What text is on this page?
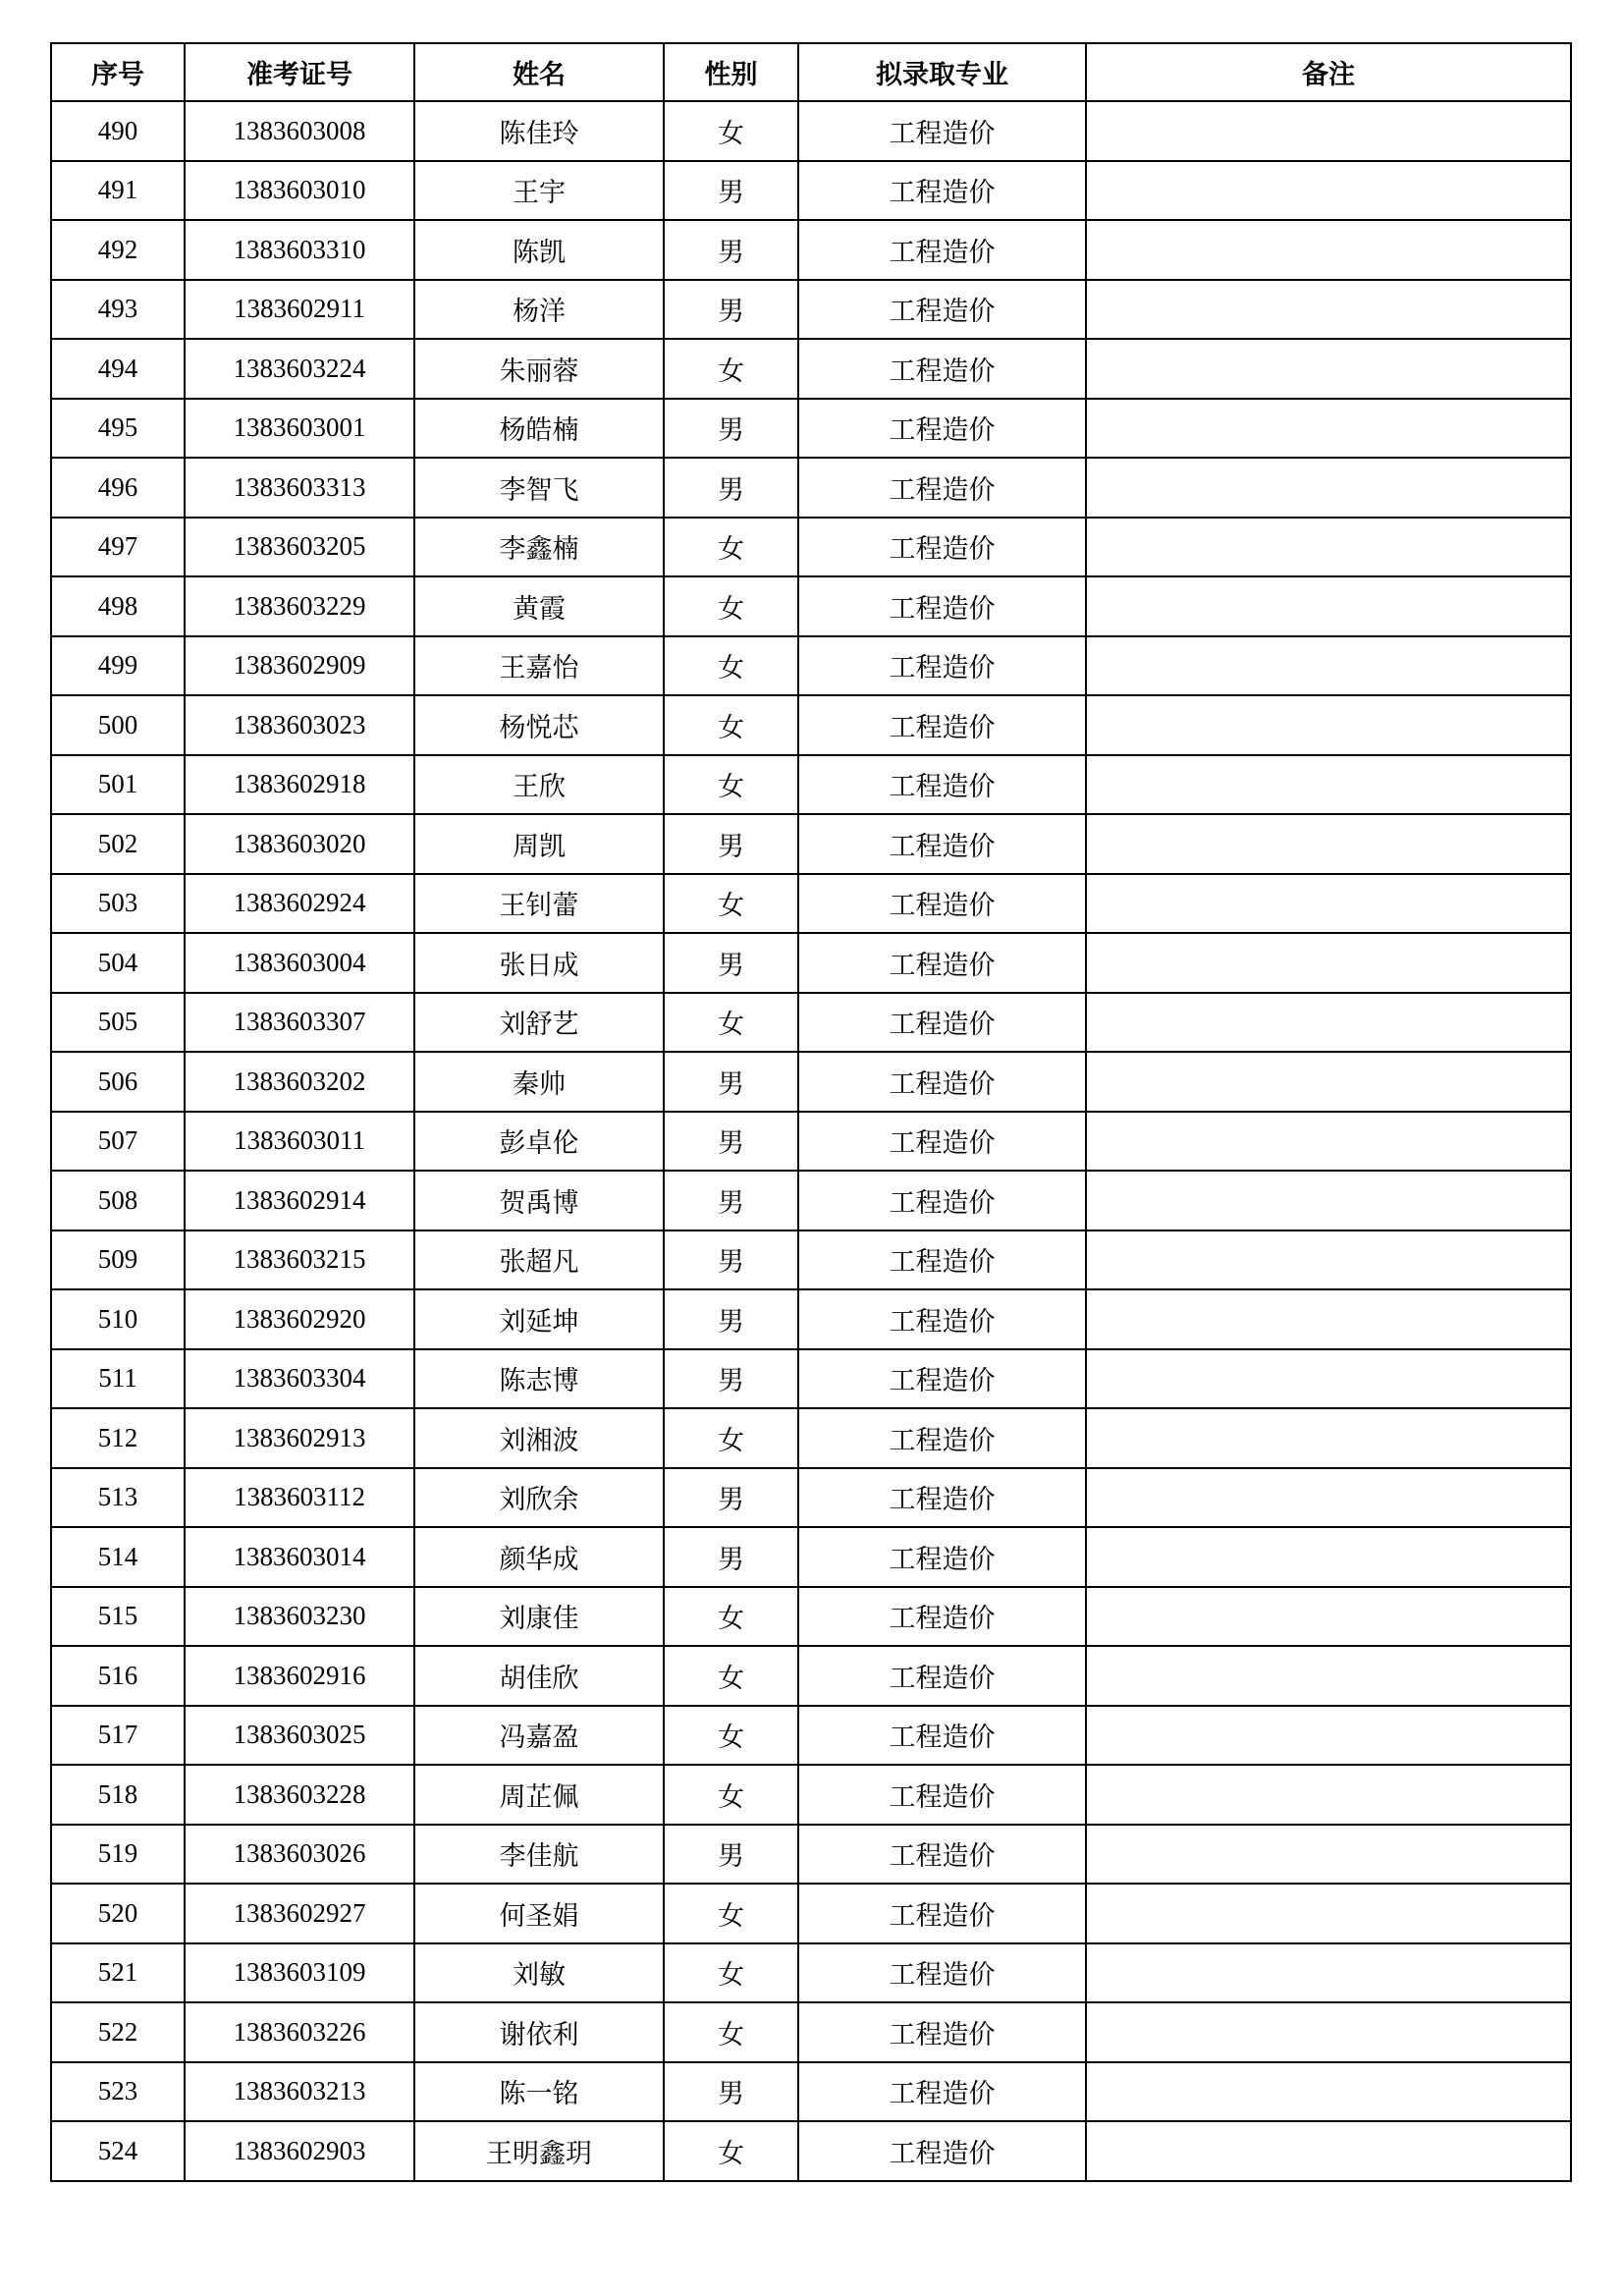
序号	准考证号	姓名	性别	拟录取专业	备注
490	1383603008	陈佳玲	女	工程造价	
491	1383603010	王宇	男	工程造价	
492	1383603310	陈凯	男	工程造价	
493	1383602911	杨洋	男	工程造价	
494	1383603224	朱丽蓉	女	工程造价	
495	1383603001	杨皓楠	男	工程造价	
496	1383603313	李智飞	男	工程造价	
497	1383603205	李鑫楠	女	工程造价	
498	1383603229	黄霞	女	工程造价	
499	1383602909	王嘉怡	女	工程造价	
500	1383603023	杨悦芯	女	工程造价	
501	1383602918	王欣	女	工程造价	
502	1383603020	周凯	男	工程造价	
503	1383602924	王钊蕾	女	工程造价	
504	1383603004	张日成	男	工程造价	
505	1383603307	刘舒艺	女	工程造价	
506	1383603202	秦帅	男	工程造价	
507	1383603011	彭卓伦	男	工程造价	
508	1383602914	贺禹博	男	工程造价	
509	1383603215	张超凡	男	工程造价	
510	1383602920	刘延坤	男	工程造价	
511	1383603304	陈志博	男	工程造价	
512	1383602913	刘湘波	女	工程造价	
513	1383603112	刘欣余	男	工程造价	
514	1383603014	颜华成	男	工程造价	
515	1383603230	刘康佳	女	工程造价	
516	1383602916	胡佳欣	女	工程造价	
517	1383603025	冯嘉盈	女	工程造价	
518	1383603228	周芷佩	女	工程造价	
519	1383603026	李佳航	男	工程造价	
520	1383602927	何圣娟	女	工程造价	
521	1383603109	刘敏	女	工程造价	
522	1383603226	谢依利	女	工程造价	
523	1383603213	陈一铭	男	工程造价	
524	1383602903	王明鑫玥	女	工程造价	
